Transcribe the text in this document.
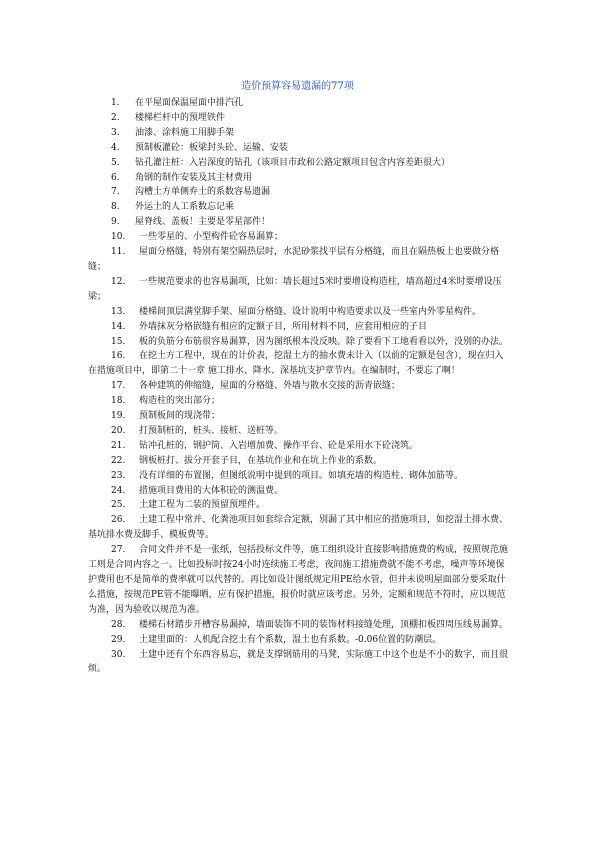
造价预算容易遗漏的77项
1. 在平屋面保温屋面中排汽孔
2. 楼梯栏杆中的预埋铁件
3. 油漆、涂料施工用脚手架
4. 预制板灌砼：板梁封头砼、运输、安装
5. 钻孔灌注桩：入岩深度的钻孔（该项目市政和公路定额项目包含内容差距很大）
6. 角钢的制作安装及其主材费用
7. 沟槽土方单侧弃土的系数容易遗漏
8. 外运土的人工系数忘记乘
9. 屋脊线、盖板！主要是零星部件！
10. 一些零星的、小型构件砼容易漏算；
11. 屋面分格缝，特别有架空隔热层时，水泥砂浆找平层有分格缝，而且在隔热板上也要做分格缝；
12. 一些规范要求的也容易漏项，比如：墙长超过5米时要增设构造柱，墙高超过4米时要增设压梁；
13. 楼梯间顶层满堂脚手架、屋面分格缝、设计说明中构造要求以及一些室内外零星构件。
14. 外墙抹灰分格嵌缝有相应的定额子目，所用材料不同，应套用相应的子目
15. 板的负筋分布筋很容易漏算，因为图纸根本没反映。除了要看下工地看看以外，没别的办法。
16. 在挖土方工程中，现在的计价表，挖湿土方的抽水费未计入（以前的定额是包含），现在归入在措施项目中，即第二十一章 施工排水、降水、深基坑支护章节内。在编制时，不要忘了啊！
17. 各种建筑的伸缩缝，屋面的分格缝、外墙与散水交接的沥青嵌缝；
18. 构造柱的突出部分；
19. 预制板间的现浇带；
20. 打预制桩的，桩头、接桩、送桩等。
21. 钻冲孔桩的，钢护筒、入岩增加费、操作平台、砼是采用水下砼浇筑。
22. 钢板桩打、拔分开套子目，在基坑作业和在坑上作业的系数。
23. 没有详细的布置图，但图纸说明中提到的项目。如填充墙的构造柱、砌体加筋等。
24. 措施项目费用的大体积砼的测温费。
25. 土建工程为二装的预留预埋件。
26. 土建工程中常并、化粪池项目如套综合定额，别漏了其中相应的措施项目，如挖湿土排水费、基坑排水费及脚手、模板费等。
27. 合同文件并不是一张纸，包括投标文件等，施工组织设计直接影响措施费的构成，按照规范施工则是合同内容之一。比如投标时按24小时连续施工考虑，夜间施工措施费就不能不考虑，噪声等环境保护费用也不是简单的费率就可以代替的。再比如设计图纸规定用PE给水管，但并未说明屋面部分要采取什么措施，按规范PE管不能曝晒，应有保护措施，报价时就应该考虑。另外，定额和规范不符时，应以规范为准，因为验收以规范为准。
28. 楼梯石材踏步开槽容易漏掉，墙面装饰不同的装饰材料接缝处理，顶棚扣板四周压线易漏算。
29. 土建里面的：人机配合挖土有个系数，湿土也有系数。-0.06位置的防潮层。
30. 土建中还有个东西容易忘，就是支撑钢筋用的马凳，实际施工中这个也是不小的数字，而且很烦。
